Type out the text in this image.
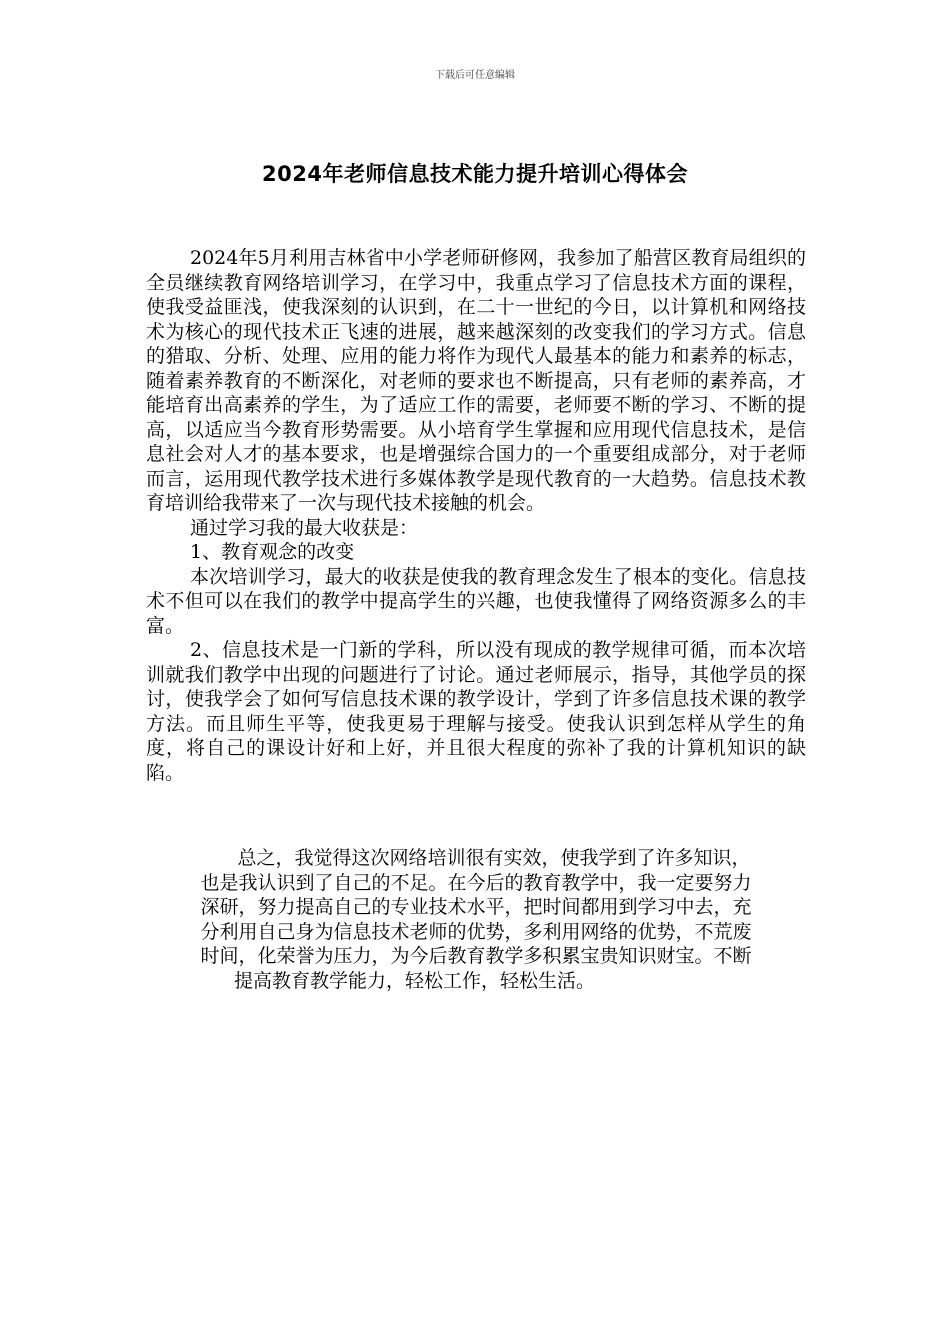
下载后可任意编辑
2024年老师信息技术能力提升培训心得体会

2024年5月利用吉林省中小学老师研修网，我参加了船营区教育局组织的全员继续教育网络培训学习，在学习中，我重点学习了信息技术方面的课程，使我受益匪浅，使我深刻的认识到，在二十一世纪的今日，以计算机和网络技术为核心的现代技术正飞速的进展，越来越深刻的改变我们的学习方式。信息的猎取、分析、处理、应用的能力将作为现代人最基本的能力和素养的标志，随着素养教育的不断深化，对老师的要求也不断提高，只有老师的素养高，才能培育出高素养的学生，为了适应工作的需要，老师要不断的学习、不断的提高，以适应当今教育形势需要。从小培育学生掌握和应用现代信息技术，是信息社会对人才的基本要求，也是增强综合国力的一个重要组成部分，对于老师而言，运用现代教学技术进行多媒体教学是现代教育的一大趋势。信息技术教育培训给我带来了一次与现代技术接触的机会。

通过学习我的最大收获是：

1、教育观念的改变

本次培训学习，最大的收获是使我的教育理念发生了根本的变化。信息技术不但可以在我们的教学中提高学生的兴趣，也使我懂得了网络资源多么的丰富。

2、信息技术是一门新的学科，所以没有现成的教学规律可循，而本次培训就我们教学中出现的问题进行了讨论。通过老师展示，指导，其他学员的探讨，使我学会了如何写信息技术课的教学设计，学到了许多信息技术课的教学方法。而且师生平等，使我更易于理解与接受。使我认识到怎样从学生的角度，将自己的课设计好和上好，并且很大程度的弥补了我的计算机知识的缺陷。

总之，我觉得这次网络培训很有实效，使我学到了许多知识，

也是我认识到了自己的不足。在今后的教育教学中，我一定要努力

深研，努力提高自己的专业技术水平，把时间都用到学习中去，充

分利用自己身为信息技术老师的优势，多利用网络的优势，不荒废

时间，化荣誉为压力，为今后教育教学多积累宝贵知识财宝。不断

提高教育教学能力，轻松工作，轻松生活。
